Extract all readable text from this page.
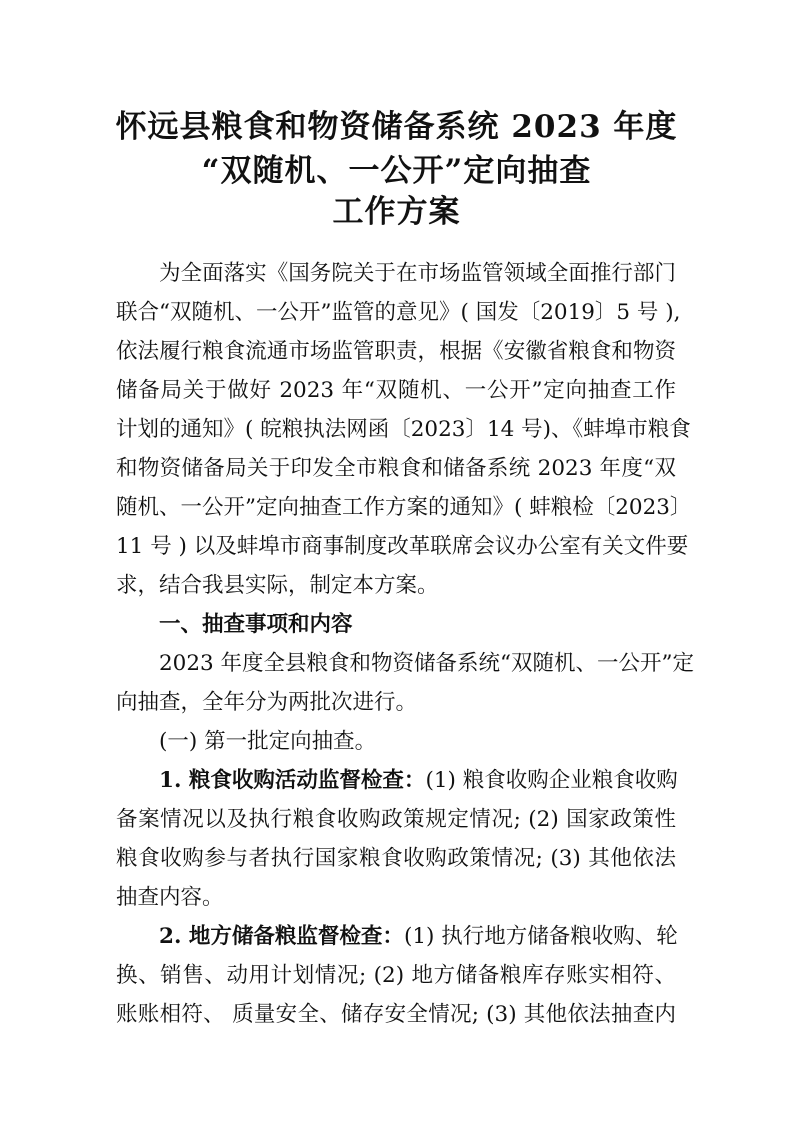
怀远县粮食和物资储备系统 2023 年度
“双随机、一公开”定向抽查
工作方案
为全面落实《国务院关于在市场监管领域全面推行部门
联合“双随机、一公开”监管的意见》( 国发〔2019〕5 号 ),
依法履行粮食流通市场监管职责，根据《安徽省粮食和物资
储备局关于做好 2023 年“双随机、一公开”定向抽查工作
计划的通知》( 皖粮执法网函〔2023〕14 号)、《蚌埠市粮食
和物资储备局关于印发全市粮食和储备系统 2023 年度“双
随机、一公开”定向抽查工作方案的通知》( 蚌粮检〔2023〕
11 号 ) 以及蚌埠市商事制度改革联席会议办公室有关文件要
求，结合我县实际，制定本方案。
一、抽查事项和内容
2023 年度全县粮食和物资储备系统“双随机、一公开”定
向抽查，全年分为两批次进行。
(一) 第一批定向抽查。
1. 粮食收购活动监督检查：(1) 粮食收购企业粮食收购
备案情况以及执行粮食收购政策规定情况; (2) 国家政策性
粮食收购参与者执行国家粮食收购政策情况; (3) 其他依法
抽查内容。
2. 地方储备粮监督检查：(1) 执行地方储备粮收购、轮
换、销售、动用计划情况; (2) 地方储备粮库存账实相符、
账账相符、 质量安全、储存安全情况; (3) 其他依法抽查内
